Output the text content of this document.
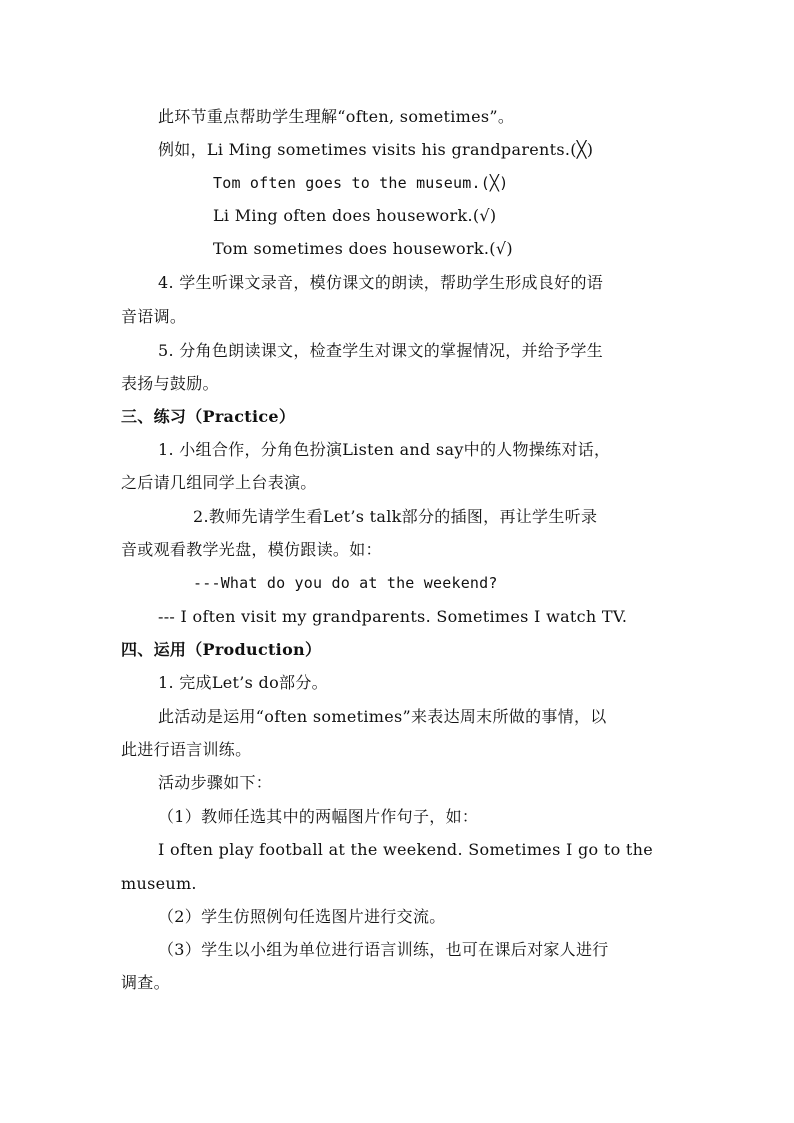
此环节重点帮助学生理解“often, sometimes”。
例如，Li Ming sometimes visits his grandparents.(╳)
Tom often goes to the museum.(╳)
Li Ming often does housework.(√)
Tom sometimes does housework.(√)
4. 学生听课文录音，模仿课文的朗读，帮助学生形成良好的语
音语调。
5. 分角色朗读课文，检查学生对课文的掌握情况，并给予学生
表扬与鼓励。
三、练习（Practice）
1. 小组合作，分角色扮演Listen and say中的人物操练对话，
之后请几组同学上台表演。
2.教师先请学生看Let’s talk部分的插图，再让学生听录
音或观看教学光盘，模仿跟读。如：
---What do you do at the weekend?
--- I often visit my grandparents. Sometimes I watch TV.
四、运用（Production）
1. 完成Let’s do部分。
此活动是运用“often sometimes”来表达周末所做的事情，以
此进行语言训练。
活动步骤如下：
（1）教师任选其中的两幅图片作句子，如：
I often play football at the weekend. Sometimes I go to the
museum.
（2）学生仿照例句任选图片进行交流。
（3）学生以小组为单位进行语言训练，也可在课后对家人进行
调查。
